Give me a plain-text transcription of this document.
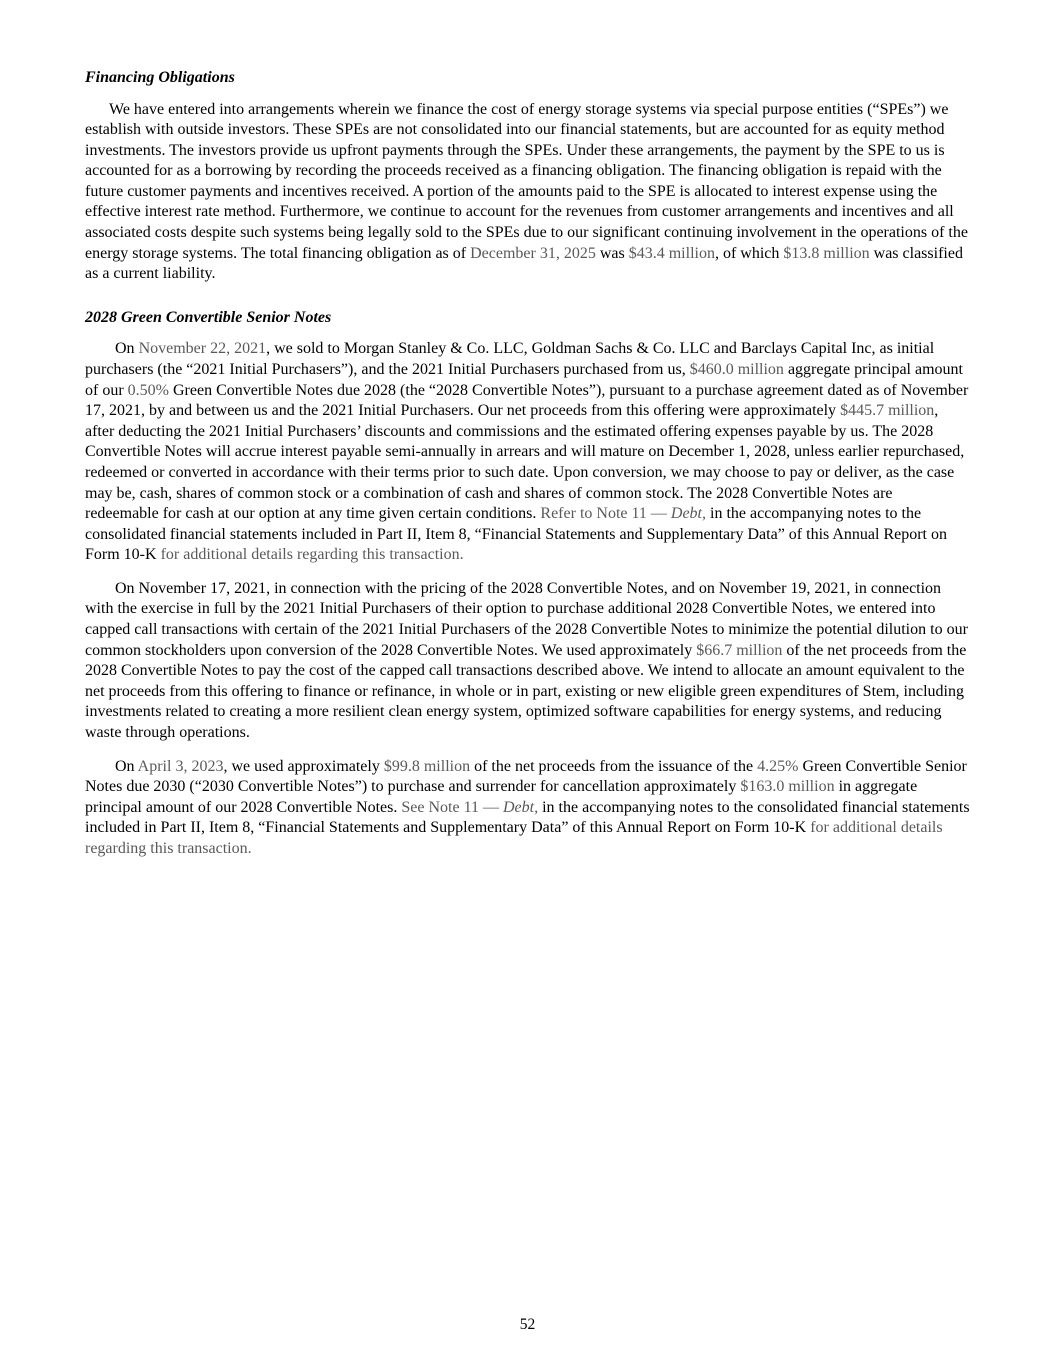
Financing Obligations

We have entered into arrangements wherein we finance the cost of energy storage systems via special purpose entities (“SPEs”) we establish with outside investors. These SPEs are not consolidated into our financial statements, but are accounted for as equity method investments. The investors provide us upfront payments through the SPEs. Under these arrangements, the payment by the SPE to us is accounted for as a borrowing by recording the proceeds received as a financing obligation. The financing obligation is repaid with the future customer payments and incentives received. A portion of the amounts paid to the SPE is allocated to interest expense using the effective interest rate method. Furthermore, we continue to account for the revenues from customer arrangements and incentives and all associated costs despite such systems being legally sold to the SPEs due to our significant continuing involvement in the operations of the energy storage systems. The total financing obligation as of December 31, 2025 was $43.4 million, of which $13.8 million was classified as a current liability.

2028 Green Convertible Senior Notes

On November 22, 2021, we sold to Morgan Stanley & Co. LLC, Goldman Sachs & Co. LLC and Barclays Capital Inc, as initial purchasers (the “2021 Initial Purchasers”), and the 2021 Initial Purchasers purchased from us, $460.0 million aggregate principal amount of our 0.50% Green Convertible Notes due 2028 (the “2028 Convertible Notes”), pursuant to a purchase agreement dated as of November 17, 2021, by and between us and the 2021 Initial Purchasers. Our net proceeds from this offering were approximately $445.7 million, after deducting the 2021 Initial Purchasers’ discounts and commissions and the estimated offering expenses payable by us. The 2028 Convertible Notes will accrue interest payable semi-annually in arrears and will mature on December 1, 2028, unless earlier repurchased, redeemed or converted in accordance with their terms prior to such date. Upon conversion, we may choose to pay or deliver, as the case may be, cash, shares of common stock or a combination of cash and shares of common stock. The 2028 Convertible Notes are redeemable for cash at our option at any time given certain conditions. Refer to Note 11 — Debt, in the accompanying notes to the consolidated financial statements included in Part II, Item 8, “Financial Statements and Supplementary Data” of this Annual Report on Form 10-K for additional details regarding this transaction.

On November 17, 2021, in connection with the pricing of the 2028 Convertible Notes, and on November 19, 2021, in connection with the exercise in full by the 2021 Initial Purchasers of their option to purchase additional 2028 Convertible Notes, we entered into capped call transactions with certain of the 2021 Initial Purchasers of the 2028 Convertible Notes to minimize the potential dilution to our common stockholders upon conversion of the 2028 Convertible Notes. We used approximately $66.7 million of the net proceeds from the 2028 Convertible Notes to pay the cost of the capped call transactions described above. We intend to allocate an amount equivalent to the net proceeds from this offering to finance or refinance, in whole or in part, existing or new eligible green expenditures of Stem, including investments related to creating a more resilient clean energy system, optimized software capabilities for energy systems, and reducing waste through operations.

On April 3, 2023, we used approximately $99.8 million of the net proceeds from the issuance of the 4.25% Green Convertible Senior Notes due 2030 (“2030 Convertible Notes”) to purchase and surrender for cancellation approximately $163.0 million in aggregate principal amount of our 2028 Convertible Notes. See Note 11 — Debt, in the accompanying notes to the consolidated financial statements included in Part II, Item 8, “Financial Statements and Supplementary Data” of this Annual Report on Form 10-K for additional details regarding this transaction.

52
